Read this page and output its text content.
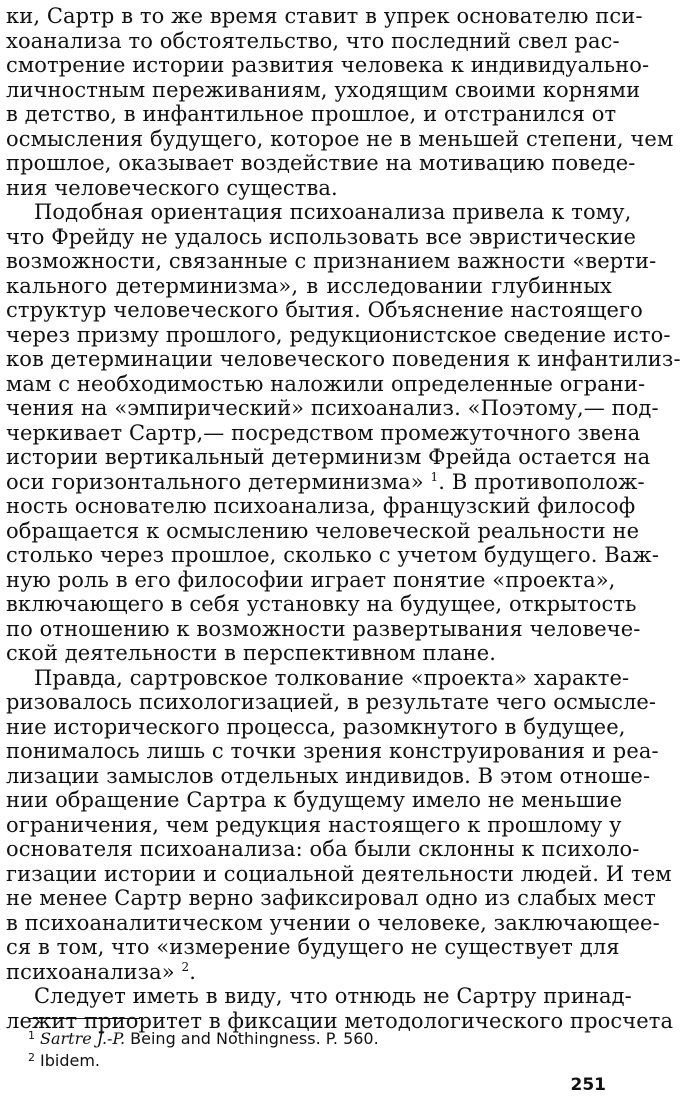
ки, Сартр в то же время ставит в упрек основателю пси-
хоанализа то обстоятельство, что последний свел рас-
смотрение истории развития человека к индивидуально-
личностным переживаниям, уходящим своими корнями
в детство, в инфантильное прошлое, и отстранился от
осмысления будущего, которое не в меньшей степени, чем
прошлое, оказывает воздействие на мотивацию поведе-
ния человеческого существа.
Подобная ориентация психоанализа привела к тому,
что Фрейду не удалось использовать все эвристические
возможности, связанные с признанием важности «верти-
кального детерминизма», в исследовании глубинных
структур человеческого бытия. Объяснение настоящего
через призму прошлого, редукционистское сведение исто-
ков детерминации человеческого поведения к инфантилиз-
мам с необходимостью наложили определенные ограни-
чения на «эмпирический» психоанализ. «Поэтому,— под-
черкивает Сартр,— посредством промежуточного звена
истории вертикальный детерминизм Фрейда остается на
оси горизонтального детерминизма» $^1$. В противополож-
ность основателю психоанализа, французский философ
обращается к осмыслению человеческой реальности не
столько через прошлое, сколько с учетом будущего. Важ-
ную роль в его философии играет понятие «проекта»,
включающего в себя установку на будущее, открытость
по отношению к возможности развертывания человече-
ской деятельности в перспективном плане.
Правда, сартровское толкование «проекта» характе-
ризовалось психологизацией, в результате чего осмысле-
ние исторического процесса, разомкнутого в будущее,
понималось лишь с точки зрения конструирования и реа-
лизации замыслов отдельных индивидов. В этом отноше-
нии обращение Сартра к будущему имело не меньшие
ограничения, чем редукция настоящего к прошлому у
основателя психоанализа: оба были склонны к психоло-
гизации истории и социальной деятельности людей. И тем
не менее Сартр верно зафиксировал одно из слабых мест
в психоаналитическом учении о человеке, заключающее-
ся в том, что «измерение будущего не существует для
психоанализа» $^2$.
Следует иметь в виду, что отнюдь не Сартру принад-
лежит приоритет в фиксации методологического просчета
$^1$ Sartre J.-P. Being and Nothingness. P. 560.
$^2$ Ibidem.
251
